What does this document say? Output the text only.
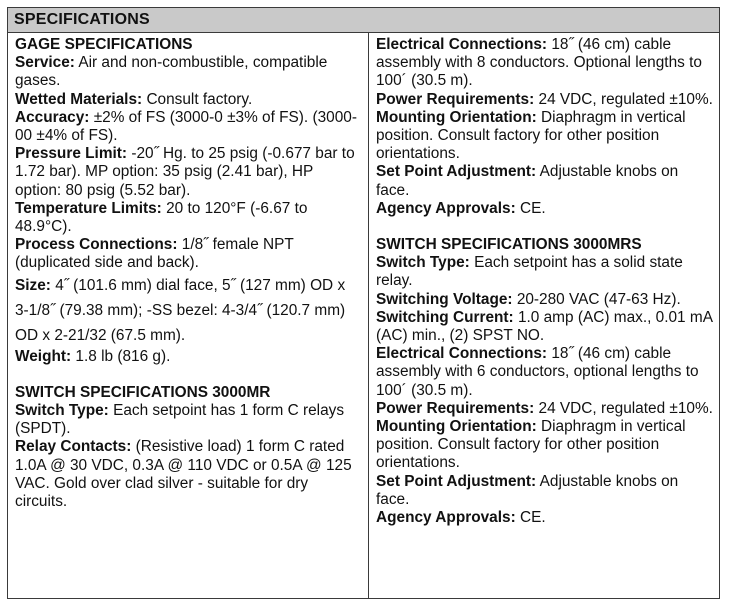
SPECIFICATIONS
GAGE SPECIFICATIONS
Service: Air and non-combustible, compatible gases.
Wetted Materials: Consult factory.
Accuracy: ±2% of FS (3000-0 ±3% of FS). (3000-00 ±4% of FS).
Pressure Limit: -20˝ Hg. to 25 psig (-0.677 bar to 1.72 bar). MP option: 35 psig (2.41 bar), HP option: 80 psig (5.52 bar).
Temperature Limits: 20 to 120°F (-6.67 to 48.9°C).
Process Connections: 1/8˝ female NPT (duplicated side and back).
Size: 4˝ (101.6 mm) dial face, 5˝ (127 mm) OD x 3-1/8˝ (79.38 mm); -SS bezel: 4-3/4˝ (120.7 mm) OD x 2-21/32 (67.5 mm).
Weight: 1.8 lb (816 g).
SWITCH SPECIFICATIONS 3000MR
Switch Type: Each setpoint has 1 form C relays (SPDT).
Relay Contacts: (Resistive load) 1 form C rated 1.0A @ 30 VDC, 0.3A @ 110 VDC or 0.5A @ 125 VAC. Gold over clad silver - suitable for dry circuits.
Electrical Connections: 18˝ (46 cm) cable assembly with 8 conductors. Optional lengths to 100´ (30.5 m).
Power Requirements: 24 VDC, regulated ±10%.
Mounting Orientation: Diaphragm in vertical position. Consult factory for other position orientations.
Set Point Adjustment: Adjustable knobs on face.
Agency Approvals: CE.
SWITCH SPECIFICATIONS 3000MRS
Switch Type: Each setpoint has a solid state relay.
Switching Voltage: 20-280 VAC (47-63 Hz).
Switching Current: 1.0 amp (AC) max., 0.01 mA (AC) min., (2) SPST NO.
Electrical Connections: 18˝ (46 cm) cable assembly with 6 conductors, optional lengths to 100´ (30.5 m).
Power Requirements: 24 VDC, regulated ±10%.
Mounting Orientation: Diaphragm in vertical position. Consult factory for other position orientations.
Set Point Adjustment: Adjustable knobs on face.
Agency Approvals: CE.
